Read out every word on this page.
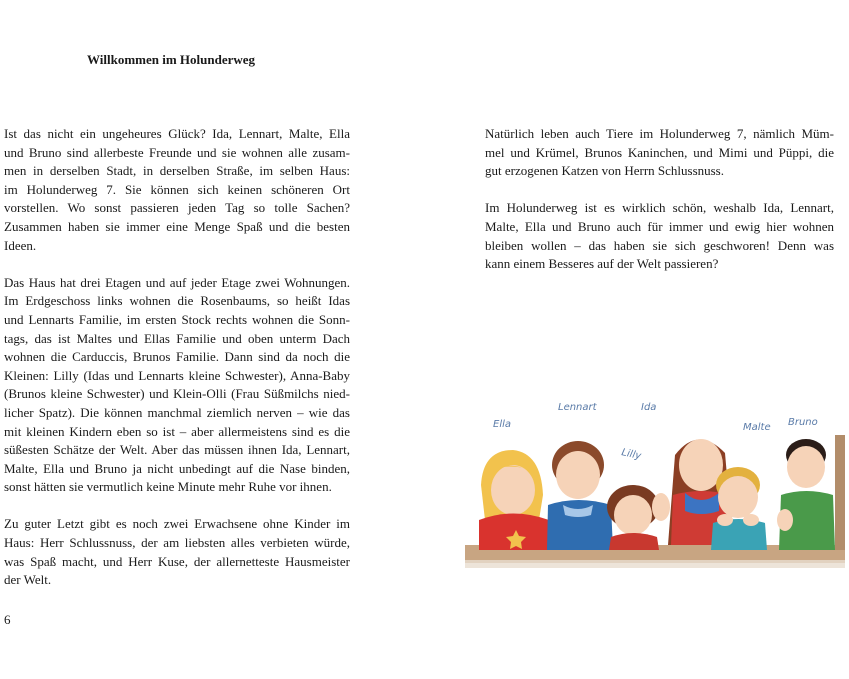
Willkommen im Holunderweg
Ist das nicht ein ungeheures Glück? Ida, Lennart, Malte, Ella
und Bruno sind allerbeste Freunde und sie wohnen alle zusam-
men in derselben Stadt, in derselben Straße, im selben Haus:
im Holunderweg 7. Sie können sich keinen schöneren Ort
vorstellen. Wo sonst passieren jeden Tag so tolle Sachen?
Zusammen haben sie immer eine Menge Spaß und die besten
Ideen.
Das Haus hat drei Etagen und auf jeder Etage zwei Wohnungen.
Im Erdgeschoss links wohnen die Rosenbaums, so heißt Idas
und Lennarts Familie, im ersten Stock rechts wohnen die Sonn-
tags, das ist Maltes und Ellas Familie und oben unterm Dach
wohnen die Carduccis, Brunos Familie. Dann sind da noch die
Kleinen: Lilly (Idas und Lennarts kleine Schwester), Anna-Baby
(Brunos kleine Schwester) und Klein-Olli (Frau Süßmilchs nied-
licher Spatz). Die können manchmal ziemlich nerven – wie das
mit kleinen Kindern eben so ist – aber allermeistens sind es die
süßesten Schätze der Welt. Aber das müssen ihnen Ida, Lennart,
Malte, Ella und Bruno ja nicht unbedingt auf die Nase binden,
sonst hätten sie vermutlich keine Minute mehr Ruhe vor ihnen.
Zu guter Letzt gibt es noch zwei Erwachsene ohne Kinder im
Haus: Herr Schlussnuss, der am liebsten alles verbieten würde,
was Spaß macht, und Herr Kuse, der allernetteste Hausmeister
der Welt.
6
Natürlich leben auch Tiere im Holunderweg 7, nämlich Müm-
mel und Krümel, Brunos Kaninchen, und Mimi und Püppi, die
gut erzogenen Katzen von Herrn Schlussnuss.
Im Holunderweg ist es wirklich schön, weshalb Ida, Lennart,
Malte, Ella und Bruno auch für immer und ewig hier wohnen
bleiben wollen – das haben sie sich geschworen! Denn was
kann einem Besseres auf der Welt passieren?
Ella
Lennart	Ida
Lilly
Malte Bruno
